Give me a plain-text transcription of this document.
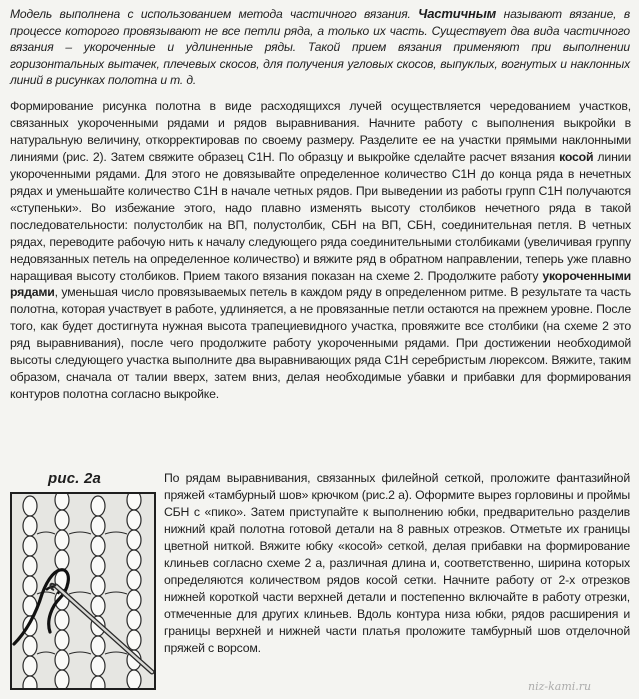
Модель выполнена с использованием метода частичного вязания. Частичным называют вязание, в процессе которого провязывают не все петли ряда, а только их часть. Существует два вида частичного вязания – укороченные и удлиненные ряды. Такой прием вязания применяют при выполнении горизонтальных вытачек, плечевых скосов, для получения угловых скосов, выпуклых, вогнутых и наклонных линий в рисунках полотна и т. д.

Формирование рисунка полотна в виде расходящихся лучей осуществляется чередованием участков, связанных укороченными рядами и рядов выравнивания. Начните работу с выполнения выкройки в натуральную величину, откорректировав по своему размеру. Разделите ее на участки прямыми наклонными линиями (рис. 2). Затем свяжите образец С1Н. По образцу и выкройке сделайте расчет вязания косой линии укороченными рядами. Для этого не довязывайте определенное количество С1Н до конца ряда в нечетных рядах и уменьшайте количество С1Н в начале четных рядов. При выведении из работы групп С1Н получаются «ступеньки». Во избежание этого, надо плавно изменять высоту столбиков нечетного ряда в такой последовательности: полустолбик на ВП, полустолбик, СБН на ВП, СБН, соединительная петля. В четных рядах, переводите рабочую нить к началу следующего ряда соединительными столбиками (увеличивая группу недовязанных петель на определенное количество) и вяжите ряд в обратном направлении, теперь уже плавно наращивая высоту столбиков. Прием такого вязания показан на схеме 2. Продолжите работу укороченными рядами, уменьшая число провязываемых петель в каждом ряду в определенном ритме. В результате та часть полотна, которая участвует в работе, удлиняется, а не провязанные петли остаются на прежнем уровне. После того, как будет достигнута нужная высота трапециевидного участка, провяжите все столбики (на схеме 2 это ряд выравнивания), после чего продолжите работу укороченными рядами. При достижении необходимой высоты следующего участка выполните два выравнивающих ряда С1Н серебристым люрексом. Вяжите, таким образом, сначала от талии вверх, затем вниз, делая необходимые убавки и прибавки для формирования контуров полотна согласно выкройке.

рис. 2а	По рядам выравнивания, связанных филейной сеткой, проложите фантазийной пряжей «тамбурный шов» крючком (рис.2 а). Оформите вырез горловины и проймы СБН с «пико». Затем приступайте к выполнению юбки, предварительно разделив нижний край полотна готовой детали на 8 равных отрезков. Отметьте их границы цветной ниткой. Вяжите юбку «косой» сеткой, делая прибавки на формирование клиньев согласно схеме 2 а, различная длина и, соответственно, ширина которых определяются количеством рядов косой сетки. Начните работу от 2-х отрезков нижней короткой части верхней детали и постепенно включайте в работу отрезки, отмеченные для других клиньев. Вдоль контура низа юбки, рядов расширения и границы верхней и нижней части платья проложите тамбурный шов отделочной пряжей с ворсом.

niz-kami.ru
